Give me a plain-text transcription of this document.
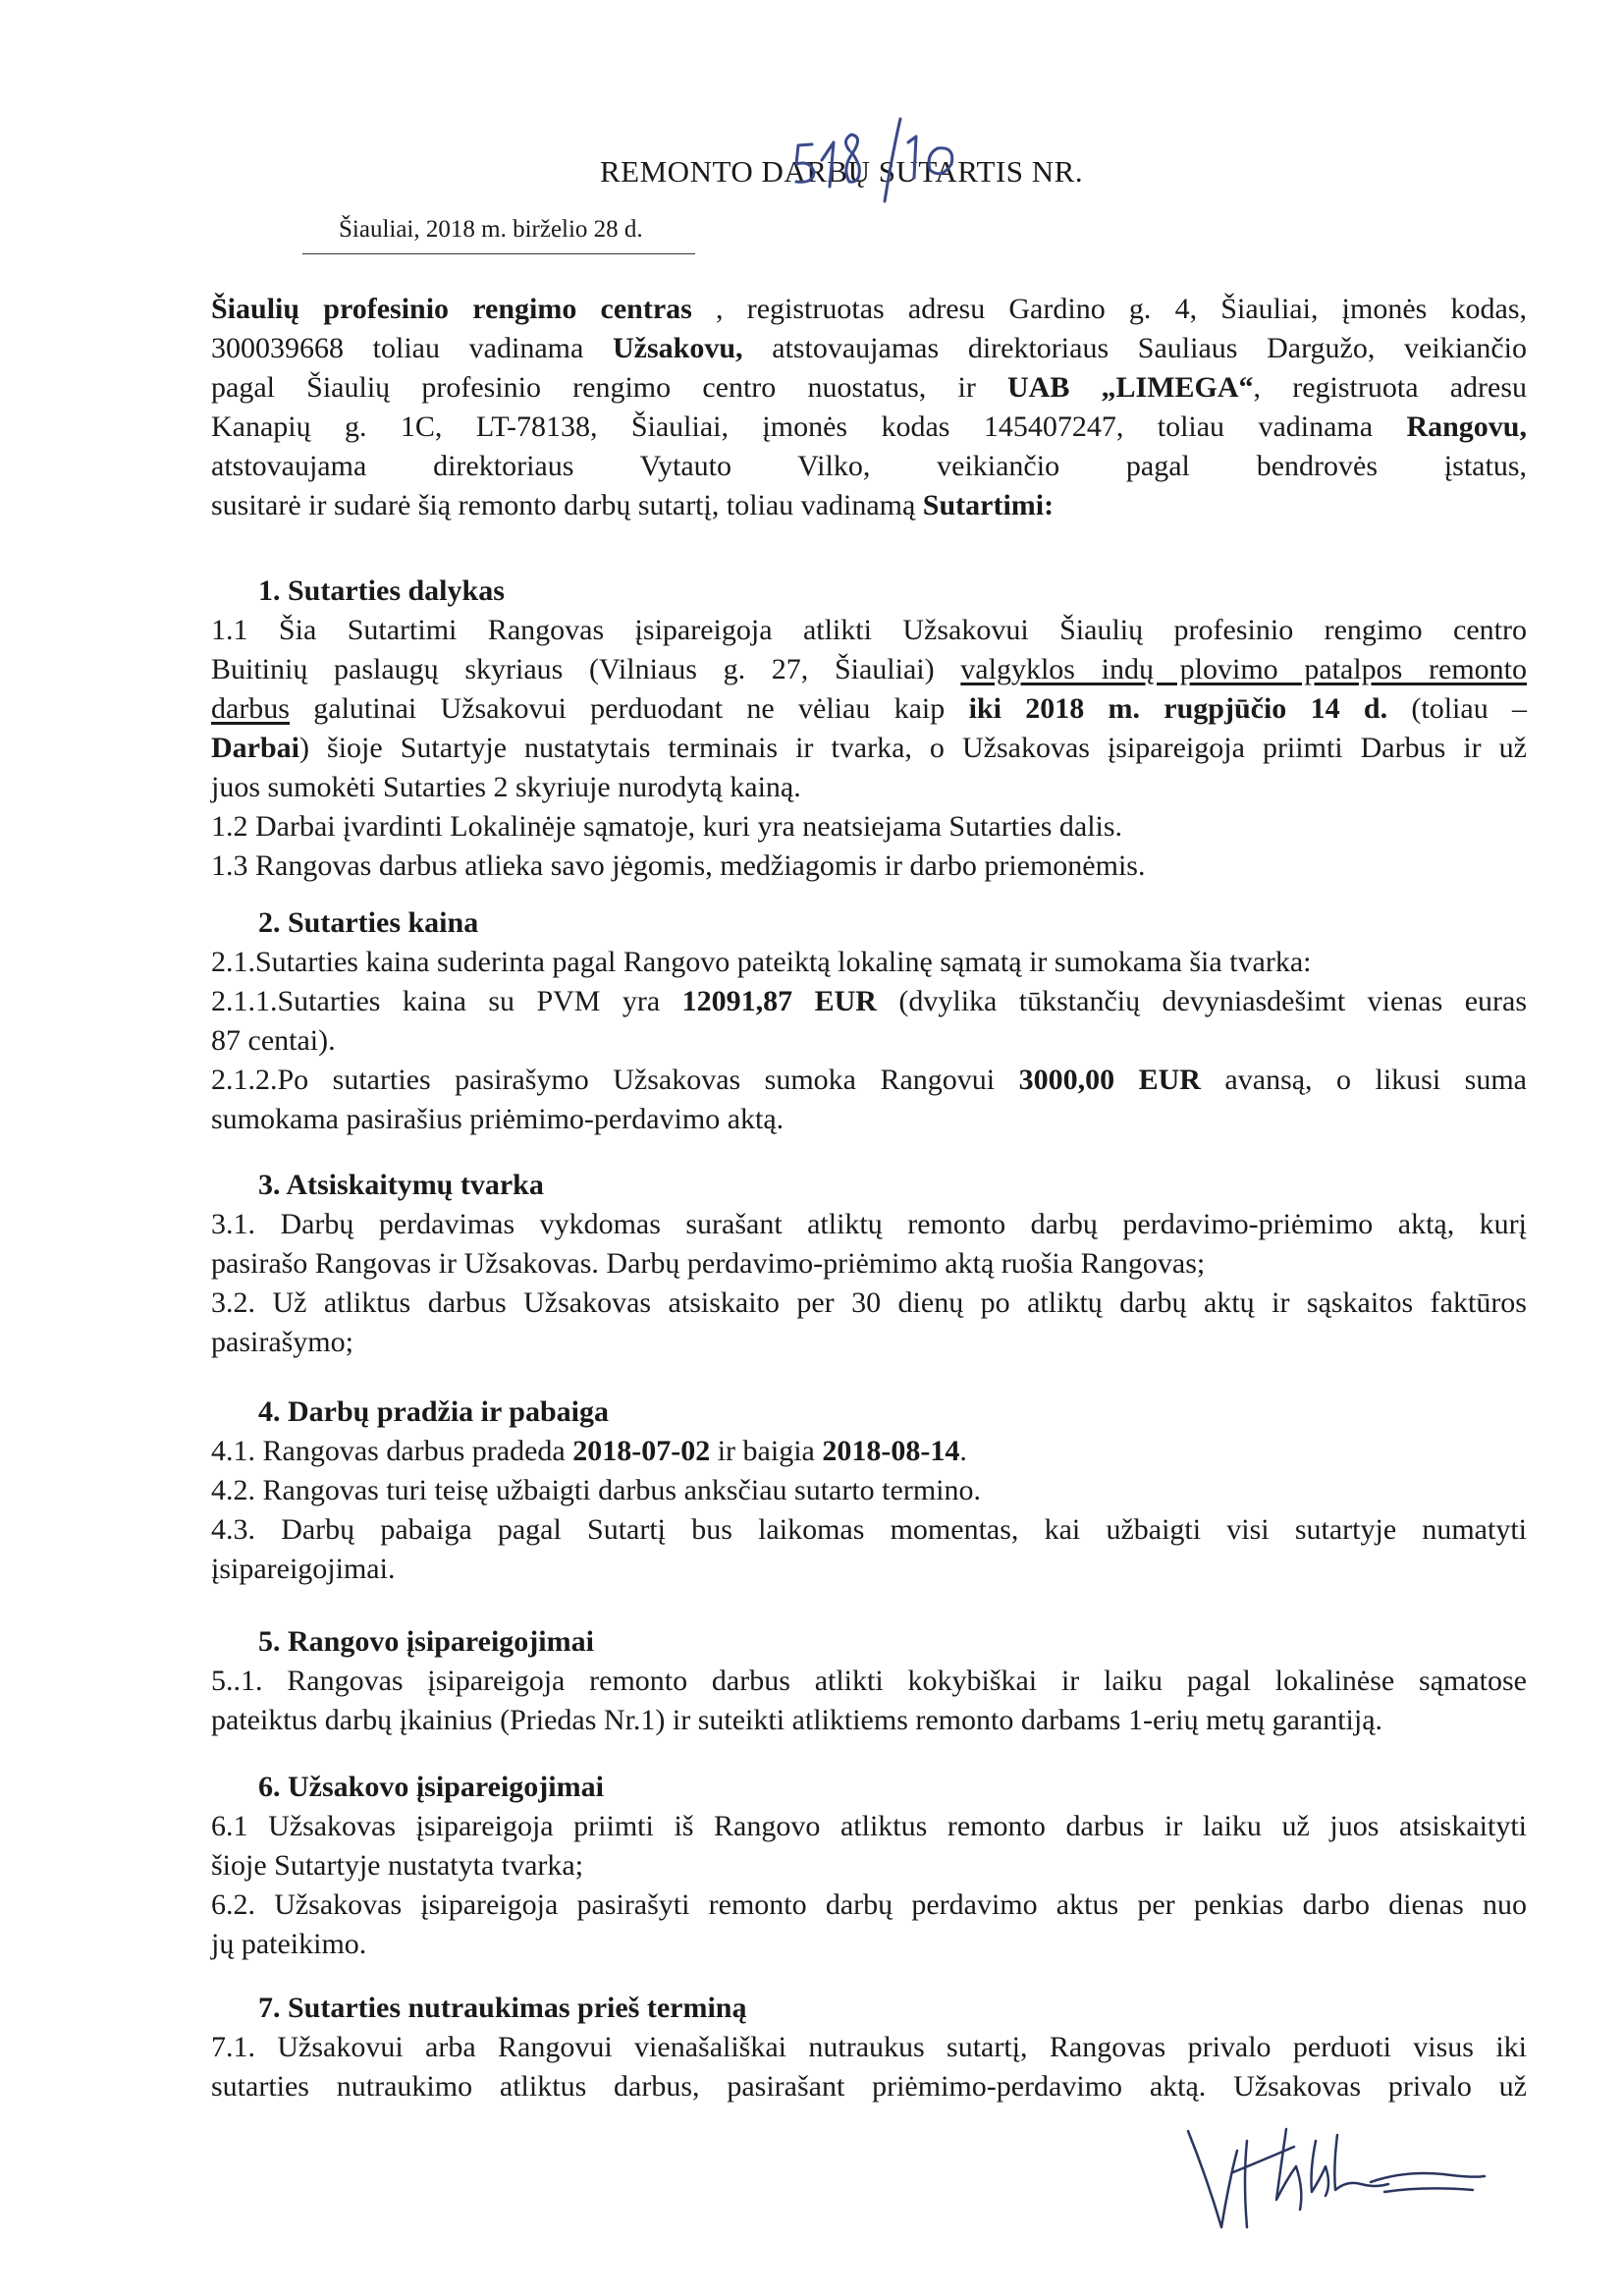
REMONTO DARBŲ SUTARTIS NR.
Šiauliai, 2018 m. birželio 28 d.
Šiaulių profesinio rengimo centras , registruotas adresu Gardino g. 4, Šiauliai, įmonės kodas,
300039668 toliau vadinama Užsakovu, atstovaujamas direktoriaus Sauliaus Dargužo, veikiančio
pagal Šiaulių profesinio rengimo centro nuostatus, ir UAB „LIMEGA“, registruota adresu
Kanapių g. 1C, LT-78138, Šiauliai, įmonės kodas 145407247, toliau vadinama Rangovu,
atstovaujama direktoriaus Vytauto Vilko, veikiančio pagal bendrovės įstatus,
susitarė ir sudarė šią remonto darbų sutartį, toliau vadinamą Sutartimi:
1. Sutarties dalykas
1.1 Šia Sutartimi Rangovas įsipareigoja atlikti Užsakovui Šiaulių profesinio rengimo centro
Buitinių paslaugų skyriaus (Vilniaus g. 27, Šiauliai) valgyklos indų plovimo patalpos remonto
darbus galutinai Užsakovui perduodant ne vėliau kaip iki 2018 m. rugpjūčio 14 d. (toliau –
Darbai) šioje Sutartyje nustatytais terminais ir tvarka, o Užsakovas įsipareigoja priimti Darbus ir už
juos sumokėti Sutarties 2 skyriuje nurodytą kainą.
1.2 Darbai įvardinti Lokalinėje sąmatoje, kuri yra neatsiejama Sutarties dalis.
1.3 Rangovas darbus atlieka savo jėgomis, medžiagomis ir darbo priemonėmis.
2. Sutarties kaina
2.1.Sutarties kaina suderinta pagal Rangovo pateiktą lokalinę sąmatą ir sumokama šia tvarka:
2.1.1.Sutarties kaina su PVM yra 12091,87 EUR (dvylika tūkstančių devyniasdešimt vienas euras
87 centai).
2.1.2.Po sutarties pasirašymo Užsakovas sumoka Rangovui 3000,00 EUR avansą, o likusi suma
sumokama pasirašius priėmimo-perdavimo aktą.
3. Atsiskaitymų tvarka
3.1. Darbų perdavimas vykdomas surašant atliktų remonto darbų perdavimo-priėmimo aktą, kurį
pasirašo Rangovas ir Užsakovas. Darbų perdavimo-priėmimo aktą ruošia Rangovas;
3.2. Už atliktus darbus Užsakovas atsiskaito per 30 dienų po atliktų darbų aktų ir sąskaitos faktūros
pasirašymo;
4. Darbų pradžia ir pabaiga
4.1. Rangovas darbus pradeda 2018-07-02 ir baigia 2018-08-14.
4.2. Rangovas turi teisę užbaigti darbus anksčiau sutarto termino.
4.3. Darbų pabaiga pagal Sutartį bus laikomas momentas, kai užbaigti visi sutartyje numatyti
įsipareigojimai.
5. Rangovo įsipareigojimai
5..1. Rangovas įsipareigoja remonto darbus atlikti kokybiškai ir laiku pagal lokalinėse sąmatose
pateiktus darbų įkainius (Priedas Nr.1) ir suteikti atliktiems remonto darbams 1-erių metų garantiją.
6. Užsakovo įsipareigojimai
6.1 Užsakovas įsipareigoja priimti iš Rangovo atliktus remonto darbus ir laiku už juos atsiskaityti
šioje Sutartyje nustatyta tvarka;
6.2. Užsakovas įsipareigoja pasirašyti remonto darbų perdavimo aktus per penkias darbo dienas nuo
jų pateikimo.
7. Sutarties nutraukimas prieš terminą
7.1. Užsakovui arba Rangovui vienašališkai nutraukus sutartį, Rangovas privalo perduoti visus iki
sutarties nutraukimo atliktus darbus, pasirašant priėmimo-perdavimo aktą. Užsakovas privalo už
